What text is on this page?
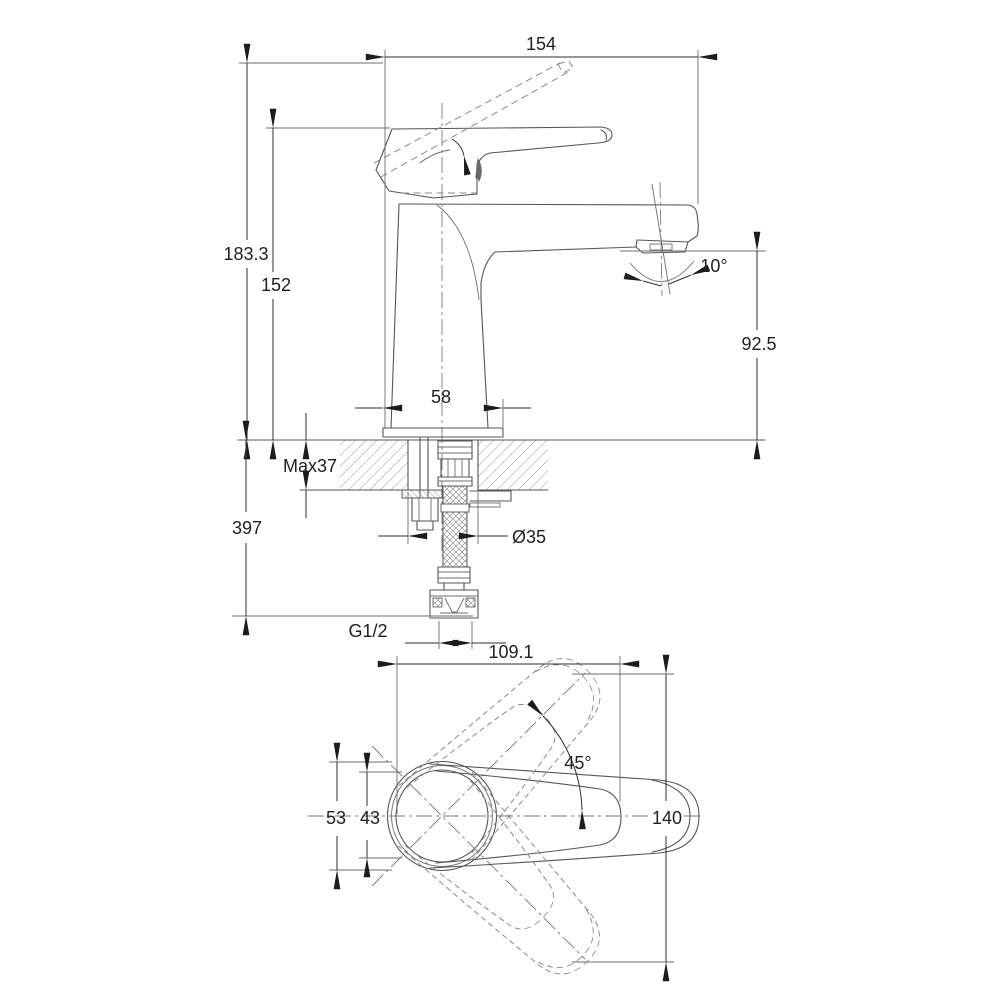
154
183.3
152
10°
92.5
58
Max37
397	Ø35
G1/2
109.1
45°
53 43	140
